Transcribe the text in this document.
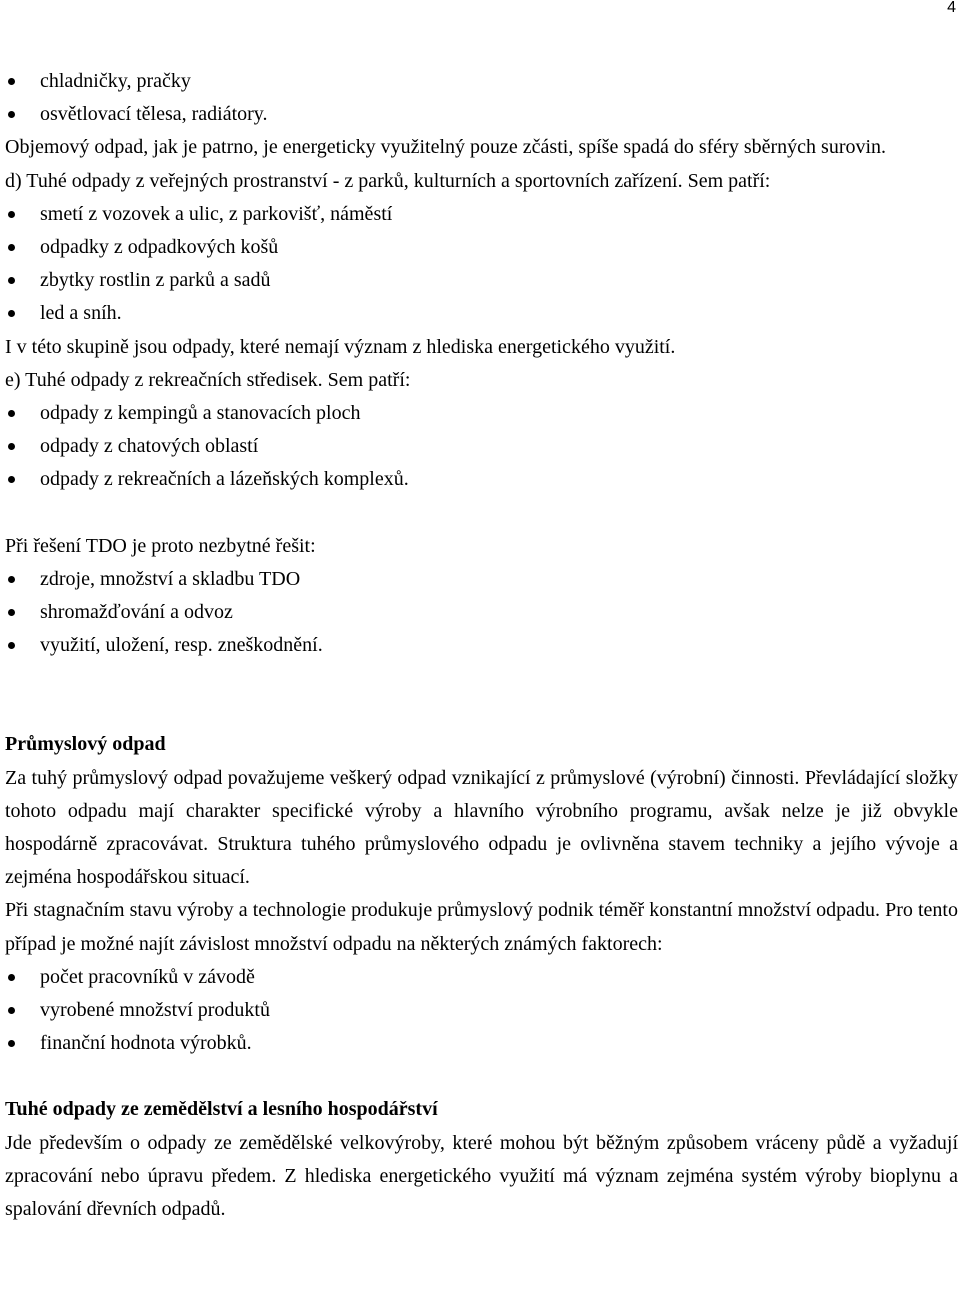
4
chladničky, pračky
osvětlovací tělesa, radiátory.

Objemový odpad, jak je patrno, je energeticky využitelný pouze zčásti, spíše spadá do sféry sběrných surovin.

d) Tuhé odpady z veřejných prostranství - z parků, kulturních a sportovních zařízení. Sem patří:

smetí z vozovek a ulic, z parkovišť, náměstí
odpadky z odpadkových košů
zbytky rostlin z parků a sadů
led a sníh.

I v této skupině jsou odpady, které nemají význam z hlediska energetického využití.

e) Tuhé odpady z rekreačních středisek. Sem patří:

odpady z kempingů a stanovacích ploch
odpady z chatových oblastí
odpady z rekreačních a lázeňských komplexů.

Při řešení TDO je proto nezbytné řešit:

zdroje, množství a skladbu TDO
shromažďování a odvoz
využití, uložení, resp. zneškodnění.

Průmyslový odpad

Za tuhý průmyslový odpad považujeme veškerý odpad vznikající z průmyslové (výrobní) činnosti. Převládající složky tohoto odpadu mají charakter specifické výroby a hlavního výrobního programu, avšak nelze je již obvykle hospodárně zpracovávat. Struktura tuhého průmyslového odpadu je ovlivněna stavem techniky a jejího vývoje a zejména hospodářskou situací.

Při stagnačním stavu výroby a technologie produkuje průmyslový podnik téměř konstantní množství odpadu. Pro tento případ je možné najít závislost množství odpadu na některých známých faktorech:

počet pracovníků v závodě
vyrobené množství produktů
finanční hodnota výrobků.

Tuhé odpady ze zemědělství a lesního hospodářství

Jde především o odpady ze zemědělské velkovýroby, které mohou být běžným způsobem vráceny půdě a vyžadují zpracování nebo úpravu předem. Z hlediska energetického využití má význam zejména systém výroby bioplynu a spalování dřevních odpadů.
